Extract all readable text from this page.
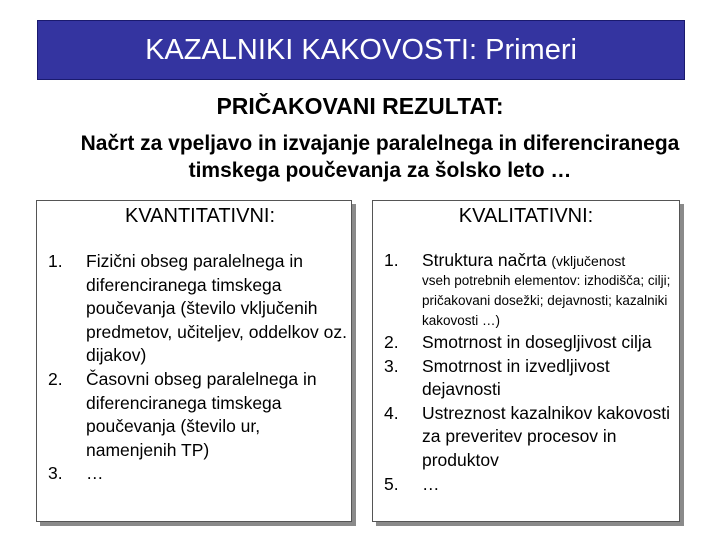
KAZALNIKI KAKOVOSTI: Primeri
PRIČAKOVANI REZULTAT:
Načrt za vpeljavo in izvajanje paralelnega in diferenciranega timskega poučevanja za šolsko leto …
KVANTITATIVNI:	KVALITATIVNI:
1.	Fizični obseg paralelnega in diferenciranega timskega poučevanja (število vključenih predmetov, učiteljev, oddelkov oz. dijakov)
2.	Časovni obseg paralelnega in diferenciranega timskega poučevanja (število ur, namenjenih TP)
3.	…
1.	Struktura načrta (vključenost
vseh potrebnih elementov: izhodišča; cilji; pričakovani dosežki; dejavnosti; kazalniki kakovosti …)
2.	Smotrnost in dosegljivost cilja
3.	Smotrnost in izvedljivost dejavnosti
4.	Ustreznost kazalnikov kakovosti za preveritev procesov in produktov
5.	…
